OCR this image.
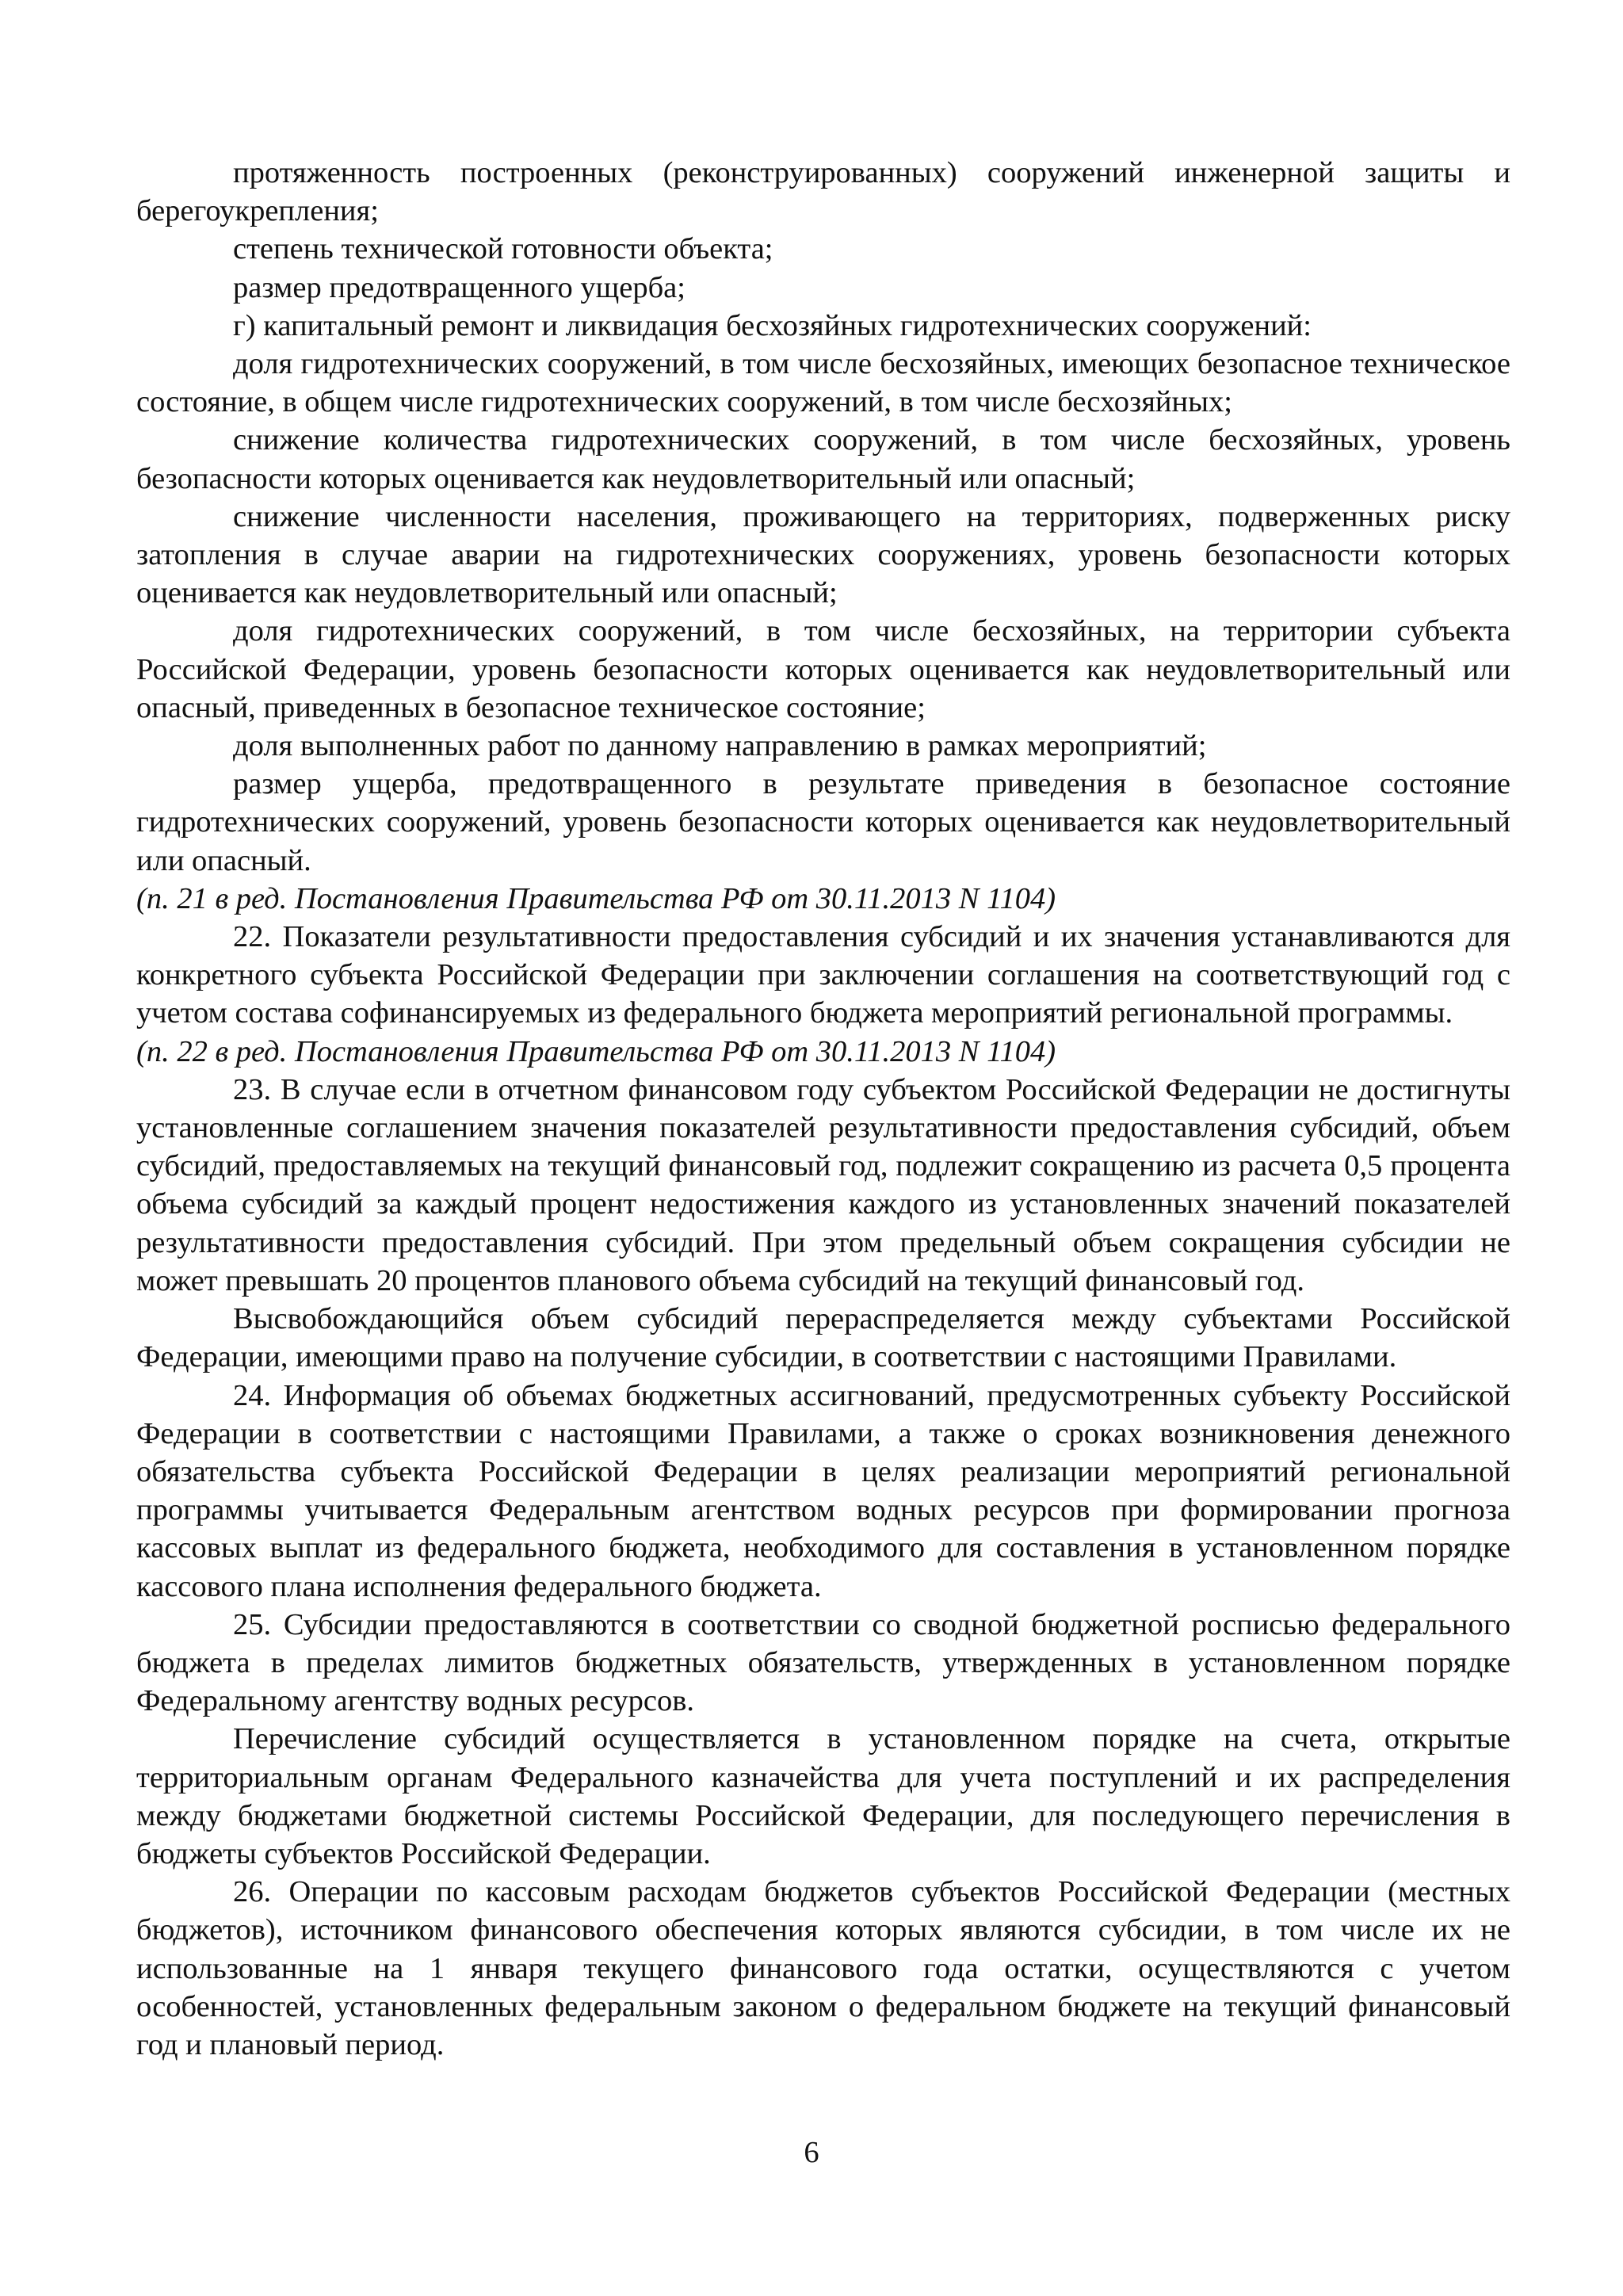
протяженность построенных (реконструированных) сооружений инженерной защиты и берегоукрепления;

степень технической готовности объекта;

размер предотвращенного ущерба;

г) капитальный ремонт и ликвидация бесхозяйных гидротехнических сооружений:

доля гидротехнических сооружений, в том числе бесхозяйных, имеющих безопасное техническое состояние, в общем числе гидротехнических сооружений, в том числе бесхозяйных;

снижение количества гидротехнических сооружений, в том числе бесхозяйных, уровень безопасности которых оценивается как неудовлетворительный или опасный;

снижение численности населения, проживающего на территориях, подверженных риску затопления в случае аварии на гидротехнических сооружениях, уровень безопасности которых оценивается как неудовлетворительный или опасный;

доля гидротехнических сооружений, в том числе бесхозяйных, на территории субъекта Российской Федерации, уровень безопасности которых оценивается как неудовлетворительный или опасный, приведенных в безопасное техническое состояние;

доля выполненных работ по данному направлению в рамках мероприятий;

размер ущерба, предотвращенного в результате приведения в безопасное состояние гидротехнических сооружений, уровень безопасности которых оценивается как неудовлетворительный или опасный.

(п. 21 в ред. Постановления Правительства РФ от 30.11.2013 N 1104)

22. Показатели результативности предоставления субсидий и их значения устанавливаются для конкретного субъекта Российской Федерации при заключении соглашения на соответствующий год с учетом состава софинансируемых из федерального бюджета мероприятий региональной программы.

(п. 22 в ред. Постановления Правительства РФ от 30.11.2013 N 1104)

23. В случае если в отчетном финансовом году субъектом Российской Федерации не достигнуты установленные соглашением значения показателей результативности предоставления субсидий, объем субсидий, предоставляемых на текущий финансовый год, подлежит сокращению из расчета 0,5 процента объема субсидий за каждый процент недостижения каждого из установленных значений показателей результативности предоставления субсидий. При этом предельный объем сокращения субсидии не может превышать 20 процентов планового объема субсидий на текущий финансовый год.

Высвобождающийся объем субсидий перераспределяется между субъектами Российской Федерации, имеющими право на получение субсидии, в соответствии с настоящими Правилами.

24. Информация об объемах бюджетных ассигнований, предусмотренных субъекту Российской Федерации в соответствии с настоящими Правилами, а также о сроках возникновения денежного обязательства субъекта Российской Федерации в целях реализации мероприятий региональной программы учитывается Федеральным агентством водных ресурсов при формировании прогноза кассовых выплат из федерального бюджета, необходимого для составления в установленном порядке кассового плана исполнения федерального бюджета.

25. Субсидии предоставляются в соответствии со сводной бюджетной росписью федерального бюджета в пределах лимитов бюджетных обязательств, утвержденных в установленном порядке Федеральному агентству водных ресурсов.

Перечисление субсидий осуществляется в установленном порядке на счета, открытые территориальным органам Федерального казначейства для учета поступлений и их распределения между бюджетами бюджетной системы Российской Федерации, для последующего перечисления в бюджеты субъектов Российской Федерации.

26. Операции по кассовым расходам бюджетов субъектов Российской Федерации (местных бюджетов), источником финансового обеспечения которых являются субсидии, в том числе их не использованные на 1 января текущего финансового года остатки, осуществляются с учетом особенностей, установленных федеральным законом о федеральном бюджете на текущий финансовый год и плановый период.

6
